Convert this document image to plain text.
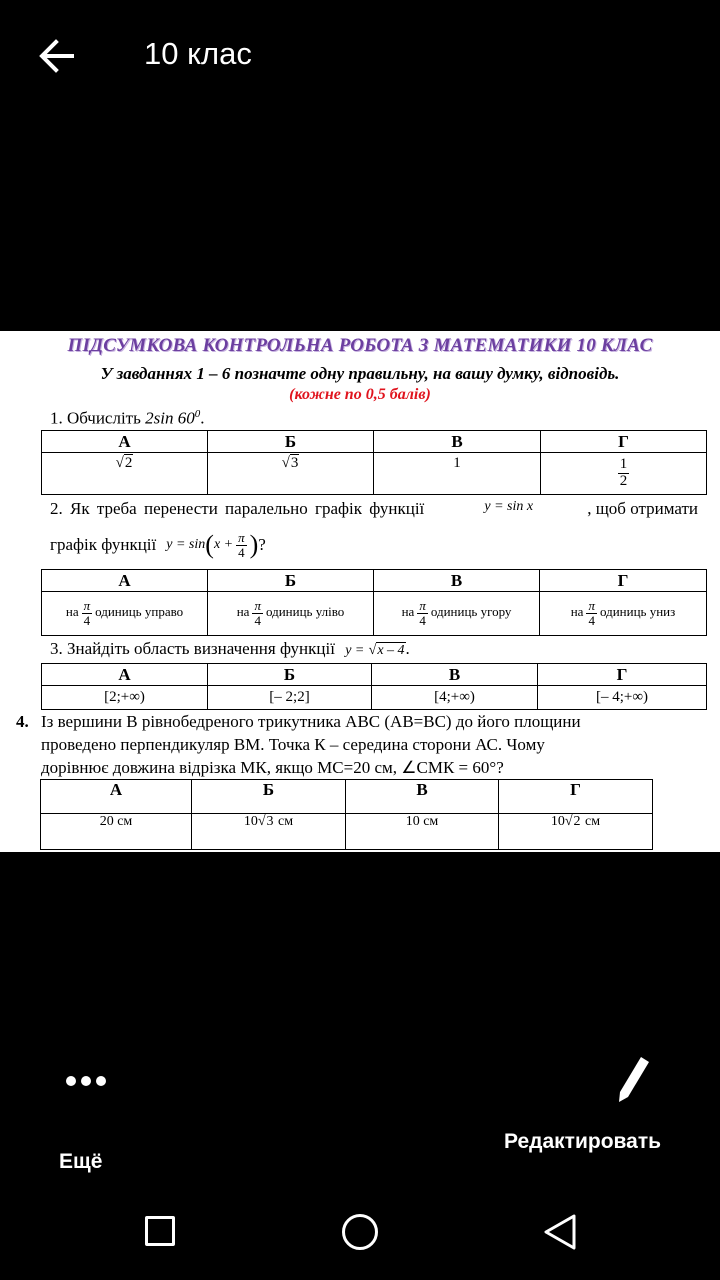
10 клас
ПІДСУМКОВА КОНТРОЛЬНА РОБОТА З МАТЕМАТИКИ 10 КЛАС
У завданнях 1 – 6 позначте одну правильну, на вашу думку, відповідь.
(кожне по 0,5 балів)
1. Обчисліть 2sin $60^0$.
А	Б	В	Г
√2	√3	1	$\frac{1}{2}$
2. Як треба перенести паралельно графік функції	y = sin x	, щоб отримати
графік функції y = sin ( $x + \frac{\pi}{4}$ ) ?
А	Б	В	Г
на $\frac{\pi}{4}$ одиниць управо	на $\frac{\pi}{4}$ одиниць уліво	на $\frac{\pi}{4}$ одиниць угору	на $\frac{\pi}{4}$ одиниць униз
3. Знайдіть область визначення функції y = √x – 4.
А	Б	В	Г
[2;+∞)	[– 2;2]	[4;+∞)	[– 4;+∞)
4. Із вершини В рівнобедреного трикутника АВС (АВ=ВС) до його площини
проведено перпендикуляр ВМ. Точка К – середина сторони АС. Чому
дорівнює довжина відрізка МК, якщо МС=20 см, ∠СМК = 60°?
А	Б	В	Г
20 см	10√3 см	10 см	10√2 см
Ещё
Редактировать
